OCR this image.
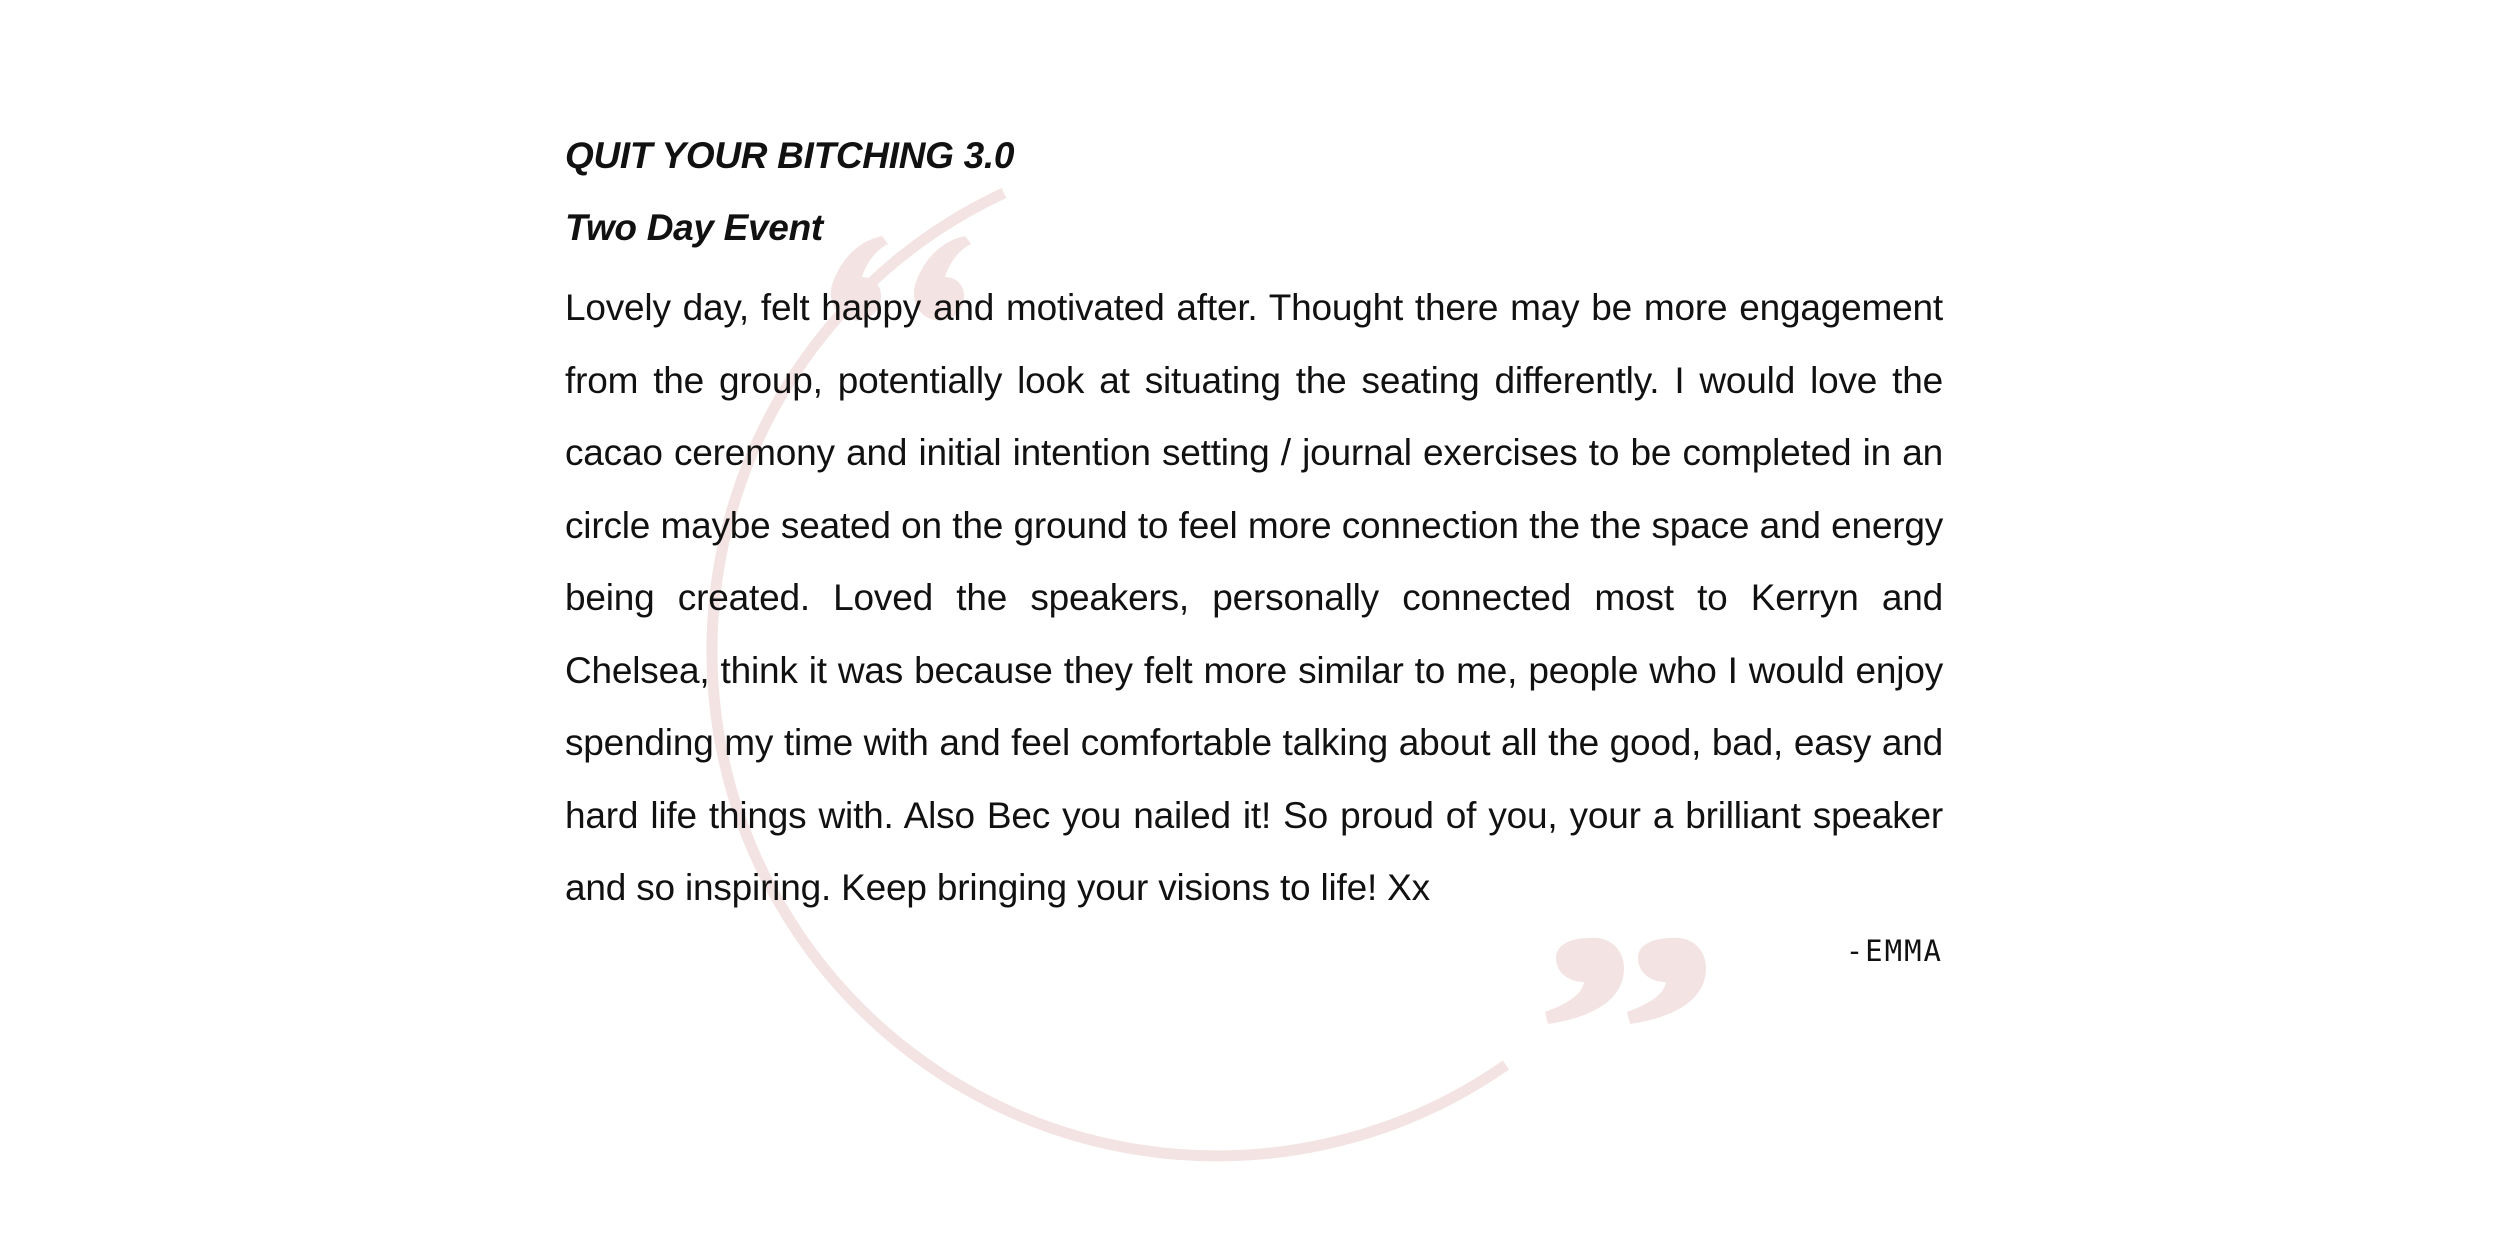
QUIT YOUR BITCHING 3.0
Two Day Event

Lovely day, felt happy and motivated after. Thought there may be more engagement from the group, potentially look at situating the seating differently. I would love the cacao ceremony and initial intention setting / journal exercises to be completed in an circle maybe seated on the ground to feel more connection the the space and energy being created. Loved the speakers, personally connected most to Kerryn and Chelsea, think it was because they felt more similar to me, people who I would enjoy spending my time with and feel comfortable talking about all the good, bad, easy and hard life things with. Also Bec you nailed it! So proud of you, your a brilliant speaker and so inspiring. Keep bringing your visions to life! Xx

-EMMA
